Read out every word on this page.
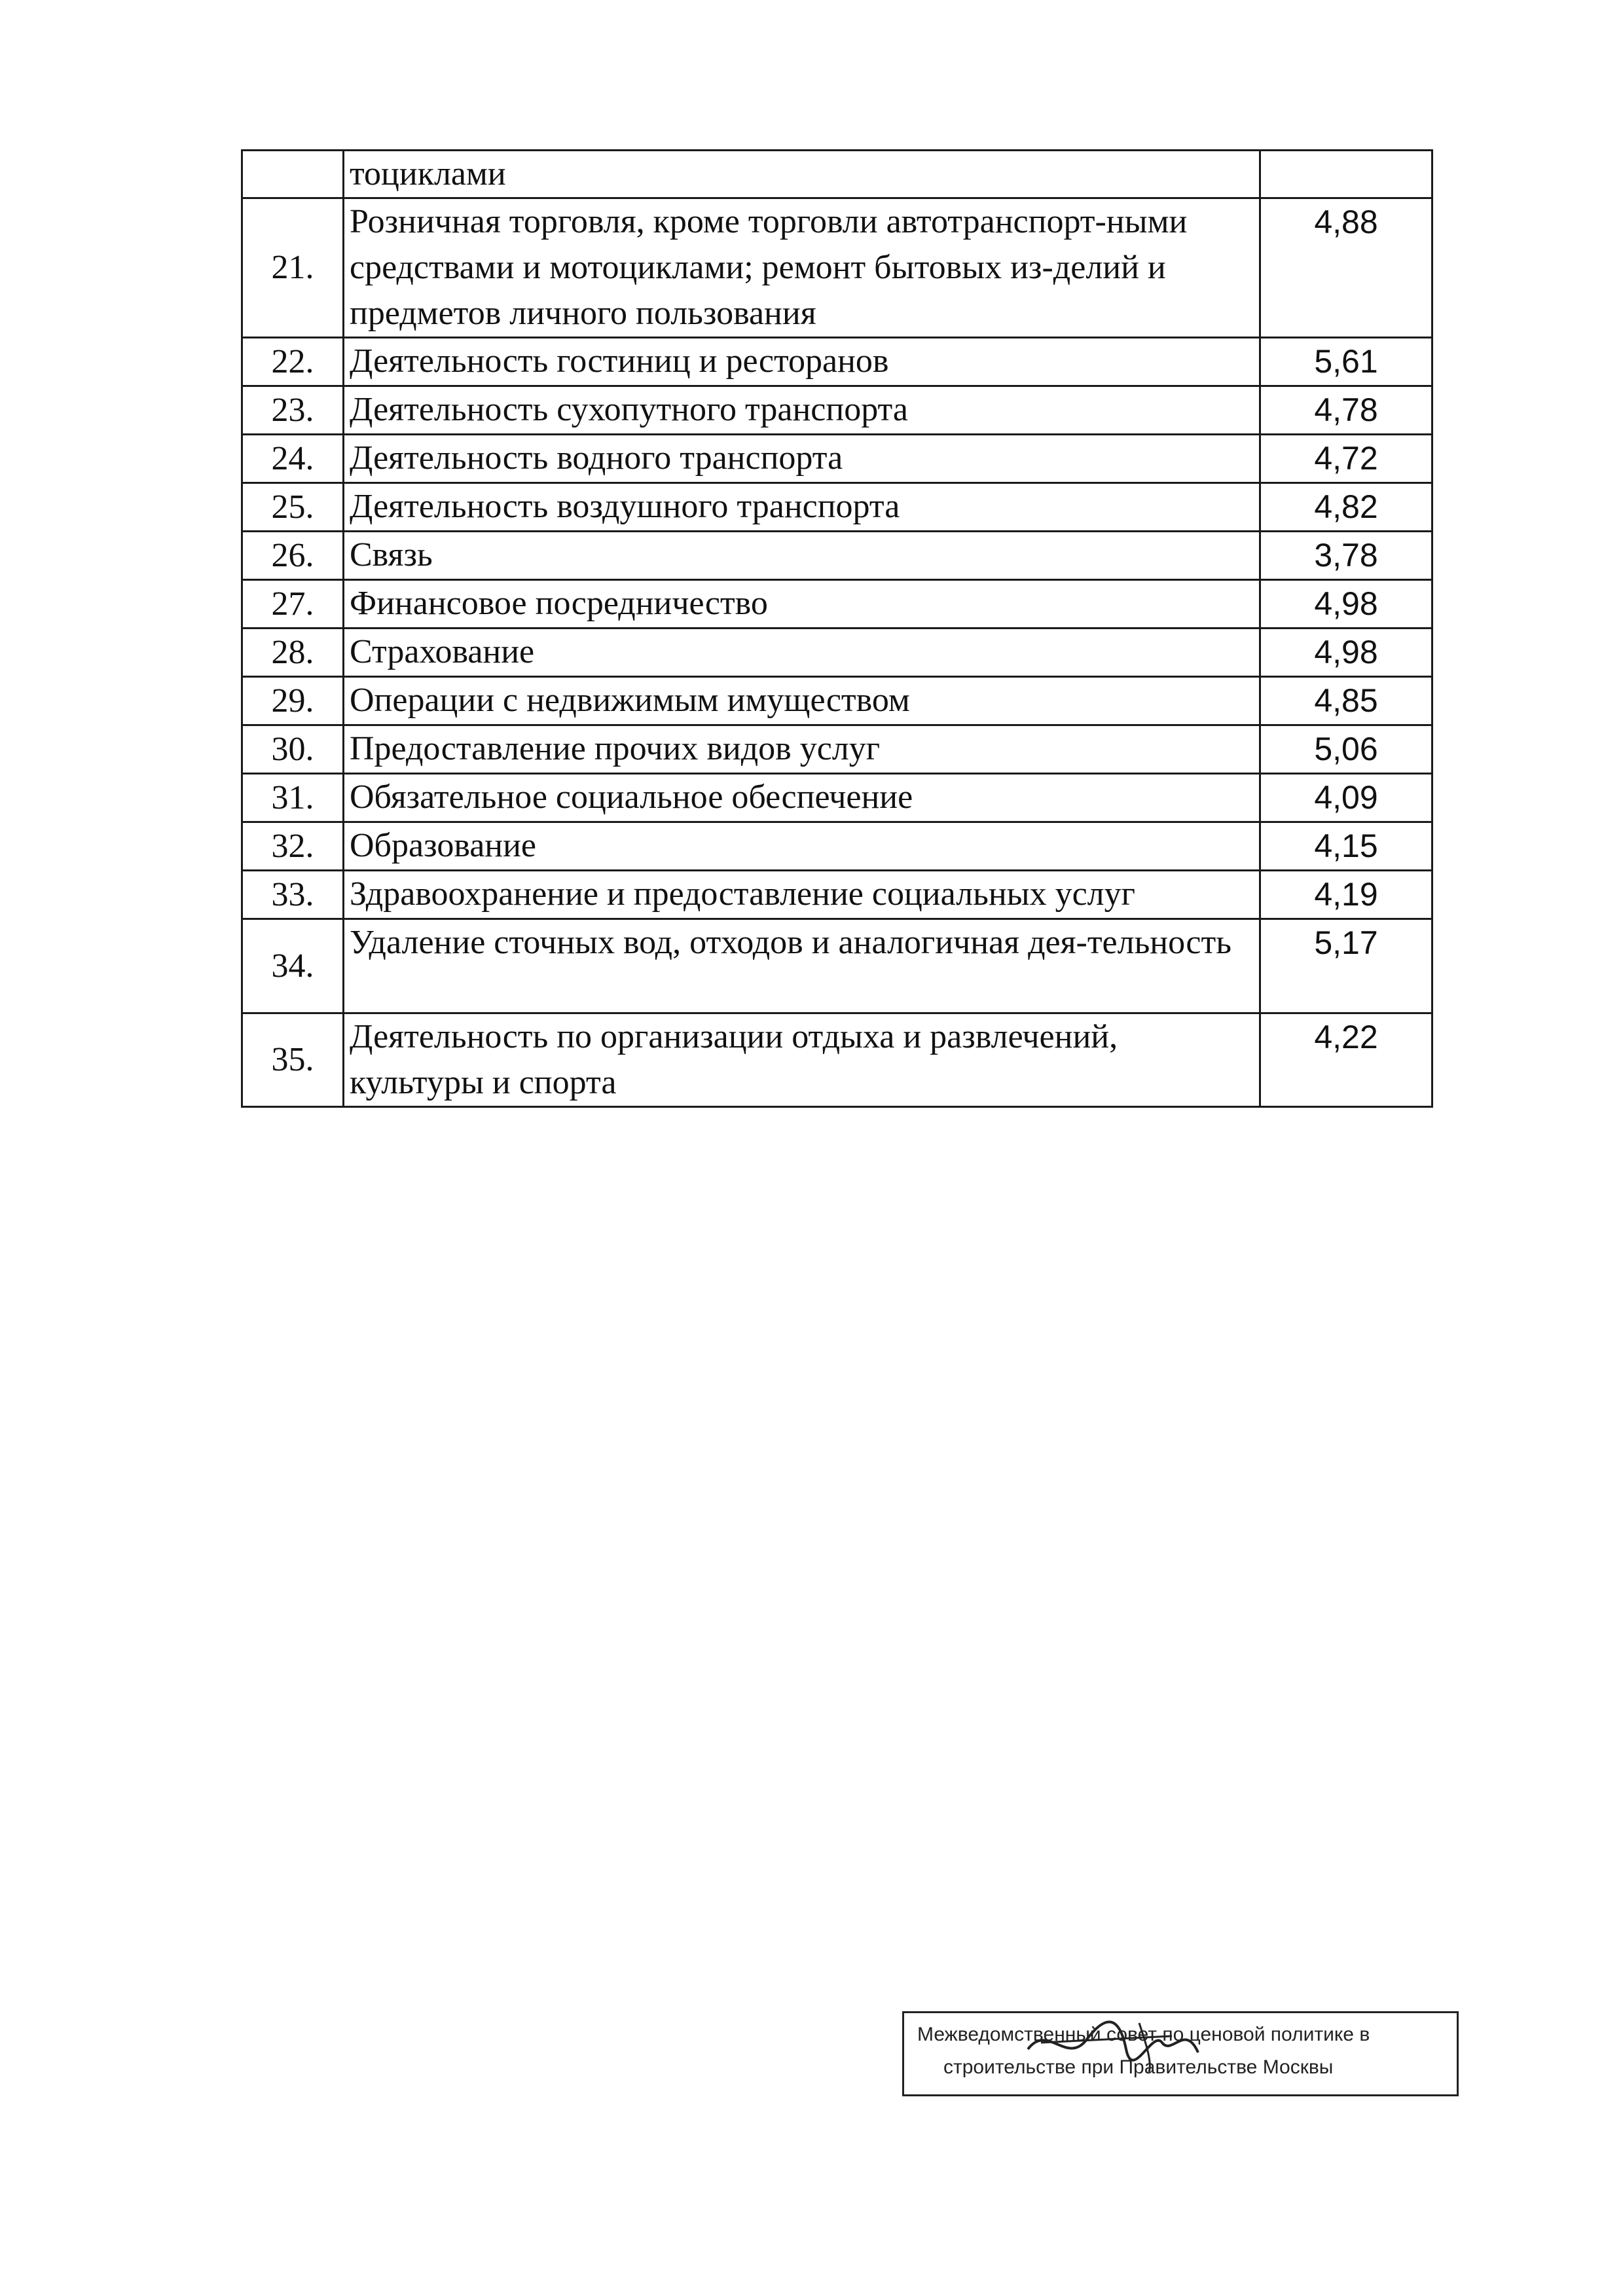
	тоциклами	
21.	Розничная торговля, кроме торговли автотранспорт-ными средствами и мотоциклами; ремонт бытовых из-делий и предметов личного пользования	4,88
22.	Деятельность гостиниц и ресторанов	5,61
23.	Деятельность сухопутного транспорта	4,78
24.	Деятельность водного транспорта	4,72
25.	Деятельность воздушного транспорта	4,82
26.	Связь	3,78
27.	Финансовое посредничество	4,98
28.	Страхование	4,98
29.	Операции с недвижимым имуществом	4,85
30.	Предоставление прочих видов услуг	5,06
31.	Обязательное социальное обеспечение	4,09
32.	Образование	4,15
33.	Здравоохранение и предоставление социальных услуг	4,19
34.	Удаление сточных вод, отходов и аналогичная дея-тельность	5,17
35.	Деятельность по организации отдыха и развлечений, культуры и спорта	4,22
Межведомственный совет по ценовой политике в
строительстве при Правительстве Москвы
